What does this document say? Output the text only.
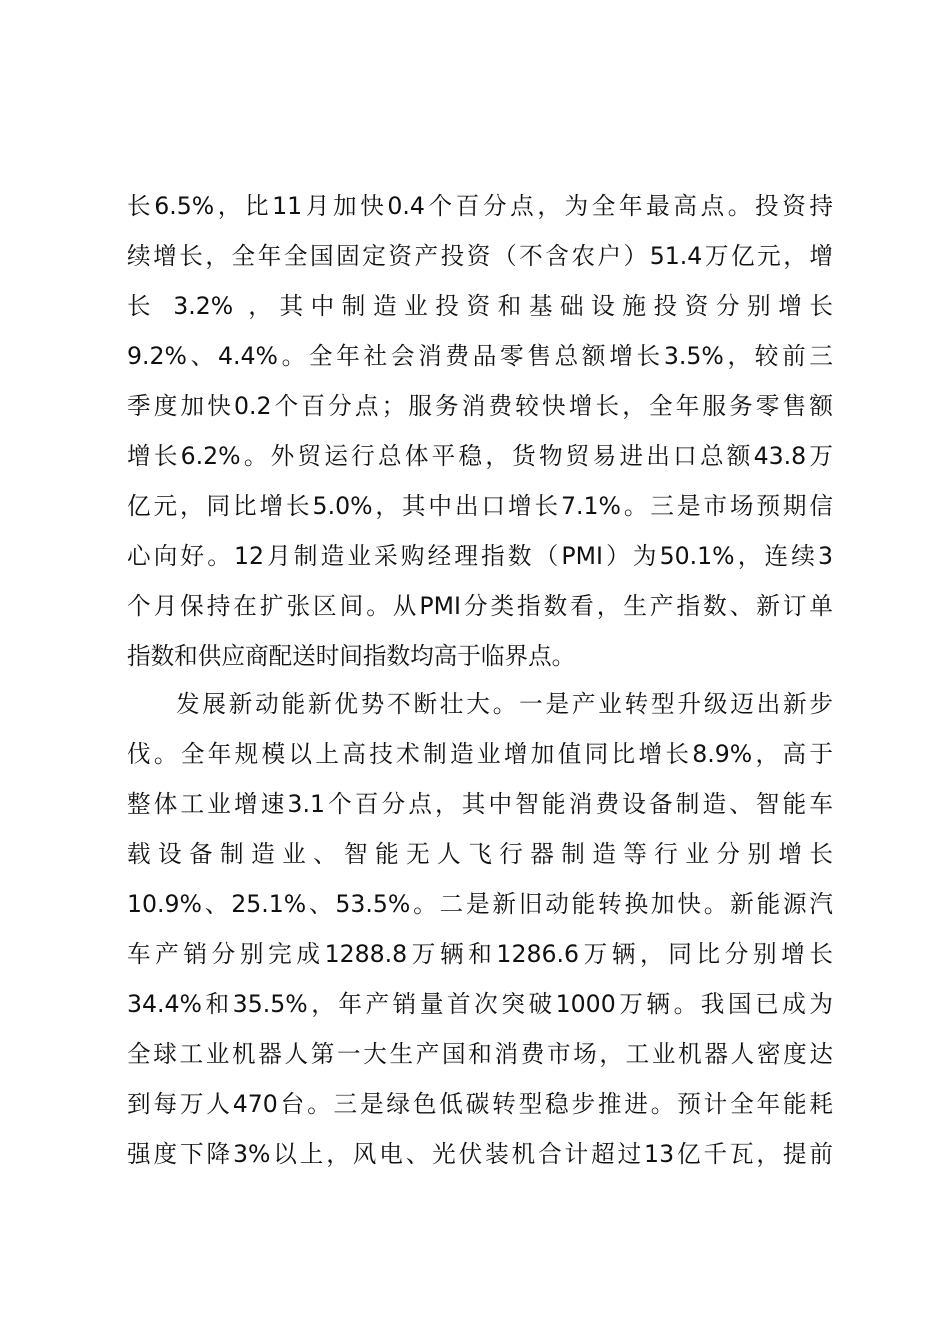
长6.5%，比11月加快0.4个百分点，为全年最高点。投资持
续增长，全年全国固定资产投资（不含农户）51.4万亿元，增
长 3.2% ，其中制造业投资和基础设施投资分别增长
9.2%、4.4%。全年社会消费品零售总额增长3.5%，较前三
季度加快0.2个百分点；服务消费较快增长，全年服务零售额
增长6.2%。外贸运行总体平稳，货物贸易进出口总额43.8万
亿元，同比增长5.0%，其中出口增长7.1%。三是市场预期信
心向好。12月制造业采购经理指数（PMI）为50.1%，连续3
个月保持在扩张区间。从PMI分类指数看，生产指数、新订单
指数和供应商配送时间指数均高于临界点。
发展新动能新优势不断壮大。一是产业转型升级迈出新步
伐。全年规模以上高技术制造业增加值同比增长8.9%，高于
整体工业增速3.1个百分点，其中智能消费设备制造、智能车
载设备制造业、智能无人飞行器制造等行业分别增长
10.9%、25.1%、53.5%。二是新旧动能转换加快。新能源汽
车产销分别完成1288.8万辆和1286.6万辆，同比分别增长
34.4%和35.5%，年产销量首次突破1000万辆。我国已成为
全球工业机器人第一大生产国和消费市场，工业机器人密度达
到每万人470台。三是绿色低碳转型稳步推进。预计全年能耗
强度下降3%以上，风电、光伏装机合计超过13亿千瓦，提前
